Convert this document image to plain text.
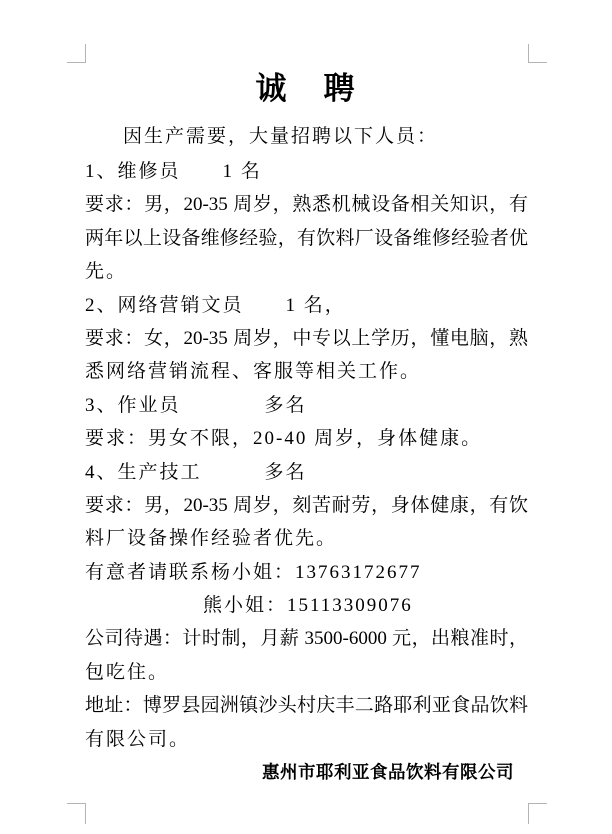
诚　聘
因生产需要，大量招聘以下人员：
1、维修员　　1 名
要求：男，20-35 周岁，熟悉机械设备相关知识，有
两年以上设备维修经验，有饮料厂设备维修经验者优
先。
2、网络营销文员　　1 名，
要求：女，20-35 周岁，中专以上学历，懂电脑，熟
悉网络营销流程、客服等相关工作。
3、作业员　　　　多名
要求：男女不限，20-40 周岁，身体健康。
4、生产技工　　　多名
要求：男，20-35 周岁，刻苦耐劳，身体健康，有饮
料厂设备操作经验者优先。
有意者请联系杨小姐：13763172677
熊小姐：15113309076
公司待遇：计时制，月薪 3500-6000 元，出粮准时，
包吃住。
地址：博罗县园洲镇沙头村庆丰二路耶利亚食品饮料
有限公司。
惠州市耶利亚食品饮料有限公司
